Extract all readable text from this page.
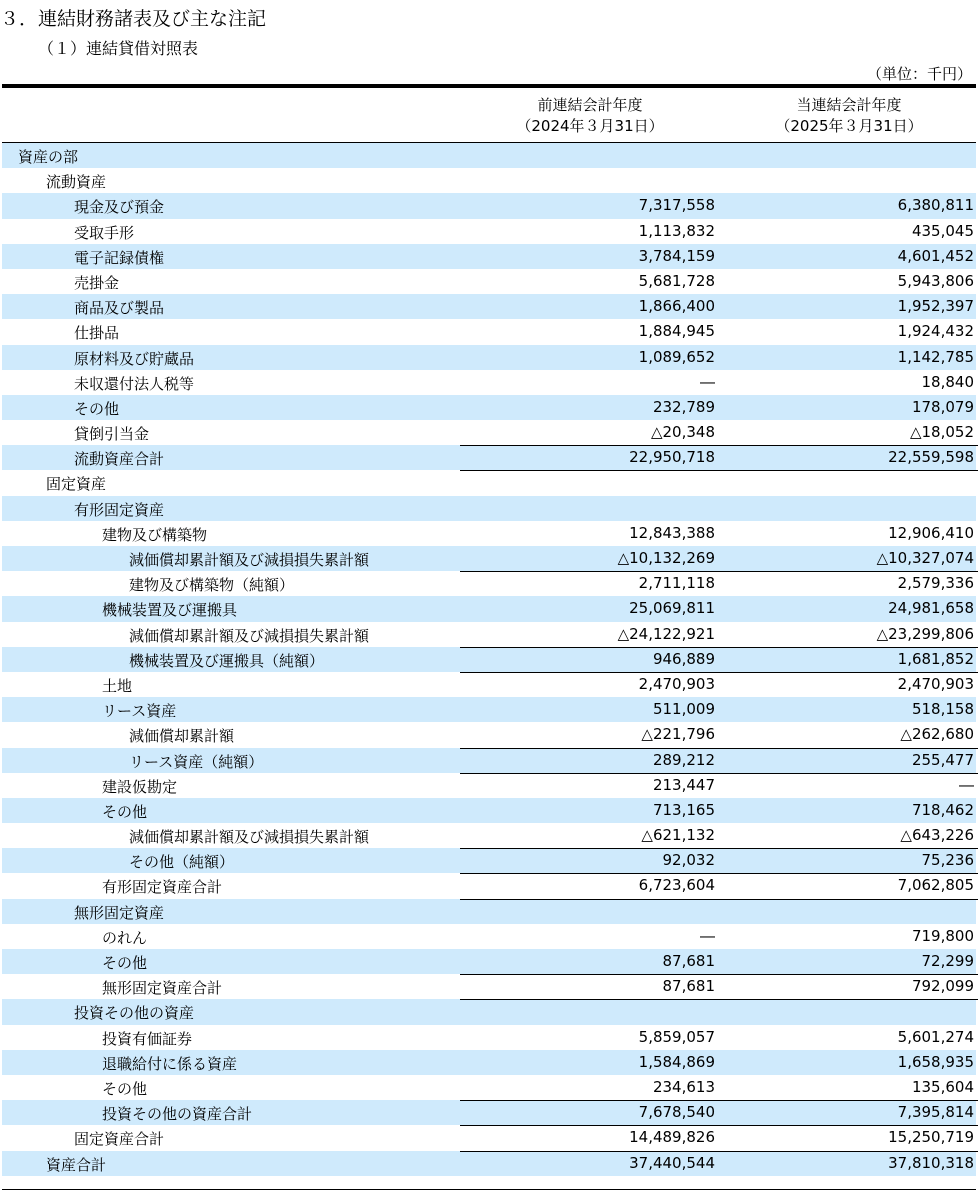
３．連結財務諸表及び主な注記
（１）連結貸借対照表
（単位：千円）
前連結会計年度
（2024年３月31日）
当連結会計年度
（2025年３月31日）
資産の部
流動資産
現金及び預金	7,317,558	6,380,811
受取手形	1,113,832	435,045
電子記録債権	3,784,159	4,601,452
売掛金	5,681,728	5,943,806
商品及び製品	1,866,400	1,952,397
仕掛品	1,884,945	1,924,432
原材料及び貯蔵品	1,089,652	1,142,785
未収還付法人税等	―	18,840
その他	232,789	178,079
貸倒引当金	△20,348	△18,052
流動資産合計	22,950,718	22,559,598
固定資産
有形固定資産
建物及び構築物	12,843,388	12,906,410
減価償却累計額及び減損損失累計額	△10,132,269	△10,327,074
建物及び構築物（純額）	2,711,118	2,579,336
機械装置及び運搬具	25,069,811	24,981,658
減価償却累計額及び減損損失累計額	△24,122,921	△23,299,806
機械装置及び運搬具（純額）	946,889	1,681,852
土地	2,470,903	2,470,903
リース資産	511,009	518,158
減価償却累計額	△221,796	△262,680
リース資産（純額）	289,212	255,477
建設仮勘定	213,447	―
その他	713,165	718,462
減価償却累計額及び減損損失累計額	△621,132	△643,226
その他（純額）	92,032	75,236
有形固定資産合計	6,723,604	7,062,805
無形固定資産
のれん	―	719,800
その他	87,681	72,299
無形固定資産合計	87,681	792,099
投資その他の資産
投資有価証券	5,859,057	5,601,274
退職給付に係る資産	1,584,869	1,658,935
その他	234,613	135,604
投資その他の資産合計	7,678,540	7,395,814
固定資産合計	14,489,826	15,250,719
資産合計	37,440,544	37,810,318
